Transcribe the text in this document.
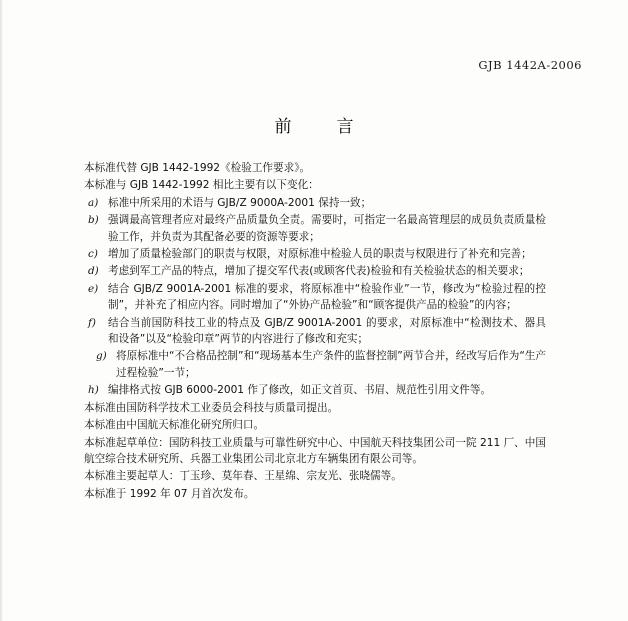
GJB 1442A-2006
前　言

本标准代替 GJB 1442-1992《检验工作要求》。

本标准与 GJB 1442-1992 相比主要有以下变化：

a) 标准中所采用的术语与 GJB/Z 9000A-2001 保持一致；
b) 强调最高管理者应对最终产品质量负全责。需要时，可指定一名最高管理层的成员负责质量检验工作，并负责为其配备必要的资源等要求；
c) 增加了质量检验部门的职责与权限，对原标准中检验人员的职责与权限进行了补充和完善；
d) 考虑到军工产品的特点，增加了提交军代表(或顾客代表)检验和有关检验状态的相关要求；
e) 结合 GJB/Z 9001A-2001 标准的要求，将原标准中“检验作业”一节，修改为“检验过程的控制”，并补充了相应内容。同时增加了“外协产品检验”和“顾客提供产品的检验”的内容；
f)	结合当前国防科技工业的特点及 GJB/Z 9001A-2001 的要求，对原标准中“检测技术、器具和设备”以及“检验印章”两节的内容进行了修改和充实；
g) 将原标准中“不合格品控制”和“现场基本生产条件的监督控制”两节合并，经改写后作为“生产过程检验”一节；
h) 编排格式按 GJB 6000-2001 作了修改，如正文首页、书眉、规范性引用文件等。

本标准由国防科学技术工业委员会科技与质量司提出。

本标准由中国航天标准化研究所归口。

本标准起草单位：国防科技工业质量与可靠性研究中心、中国航天科技集团公司一院 211 厂、中国航空综合技术研究所、兵器工业集团公司北京北方车辆集团有限公司等。

本标准主要起草人：丁玉珍、莫年春、王星绵、宗友光、张晓儒等。

本标准于 1992 年 07 月首次发布。
